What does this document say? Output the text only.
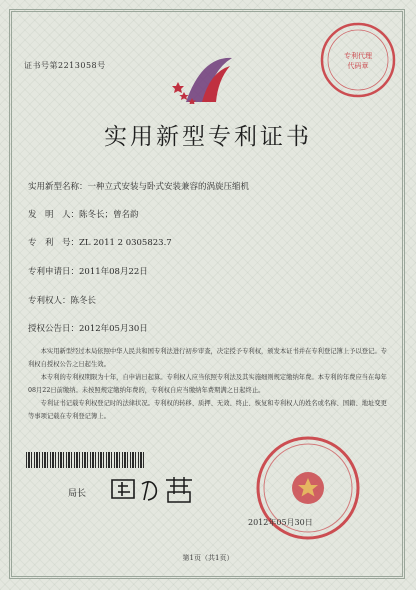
证书号第2213058号
专利代理
代码章
实用新型专利证书
实用新型名称：一种立式安装与卧式安装兼容的涡旋压缩机
发　明　人：陈冬长；曾名韵
专　利　号：ZL 2011 2 0305823.7
专利申请日：2011年08月22日
专利权人：陈冬长
授权公告日：2012年05月30日

本实用新型经过本局依照中华人民共和国专利法进行初步审查，决定授予专利权，颁发本证书并在专利登记簿上予以登记。专利权自授权公告之日起生效。

本专利的专利权期限为十年，自申请日起算。专利权人应当依照专利法及其实施细则规定缴纳年费。本专利的年费应当在每年08月22日前缴纳。未按照规定缴纳年费的，专利权自应当缴纳年费期满之日起终止。

专利证书记载专利权登记时的法律状况。专利权的转移、质押、无效、终止、恢复和专利权人的姓名或名称、国籍、地址变更等事项记载在专利登记簿上。

局长
2012年05月30日
第1页（共1页）
